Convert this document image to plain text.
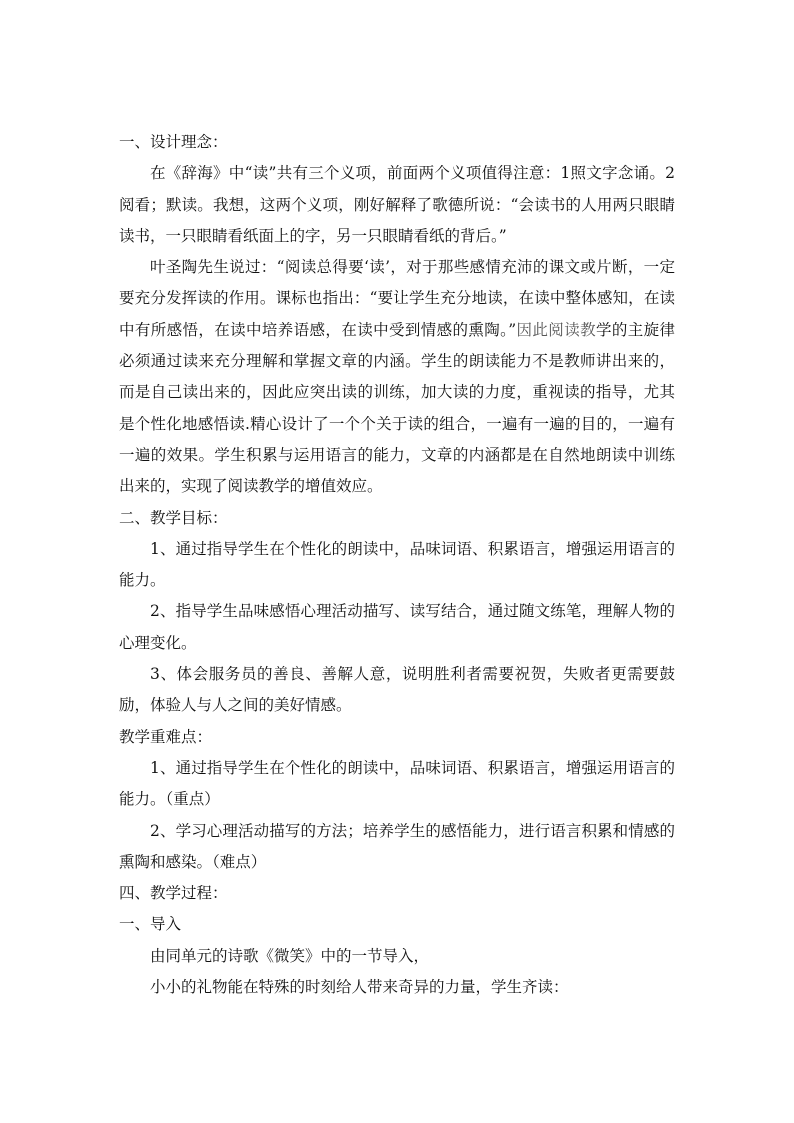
一、设计理念：

在《辞海》中“读”共有三个义项，前面两个义项值得注意：1照文字念诵。2阅看；默读。我想，这两个义项，刚好解释了歌德所说：“会读书的人用两只眼睛读书，一只眼睛看纸面上的字，另一只眼睛看纸的背后。”

叶圣陶先生说过：“阅读总得要‘读’，对于那些感情充沛的课文或片断，一定要充分发挥读的作用。课标也指出：“要让学生充分地读，在读中整体感知，在读中有所感悟，在读中培养语感，在读中受到情感的熏陶。”因此阅读教学的主旋律必须通过读来充分理解和掌握文章的内涵。学生的朗读能力不是教师讲出来的，而是自己读出来的，因此应突出读的训练，加大读的力度，重视读的指导，尤其是个性化地感悟读.精心设计了一个个关于读的组合，一遍有一遍的目的，一遍有一遍的效果。学生积累与运用语言的能力，文章的内涵都是在自然地朗读中训练出来的，实现了阅读教学的增值效应。

二、教学目标：

1、通过指导学生在个性化的朗读中，品味词语、积累语言，增强运用语言的能力。

2、指导学生品味感悟心理活动描写、读写结合，通过随文练笔，理解人物的心理变化。

3、体会服务员的善良、善解人意，说明胜利者需要祝贺，失败者更需要鼓励，体验人与人之间的美好情感。

教学重难点：

1、通过指导学生在个性化的朗读中，品味词语、积累语言，增强运用语言的能力。（重点）

2、学习心理活动描写的方法；培养学生的感悟能力，进行语言积累和情感的熏陶和感染。（难点）

四、教学过程：

一、导入

由同单元的诗歌《微笑》中的一节导入，

小小的礼物能在特殊的时刻给人带来奇异的力量，学生齐读：
